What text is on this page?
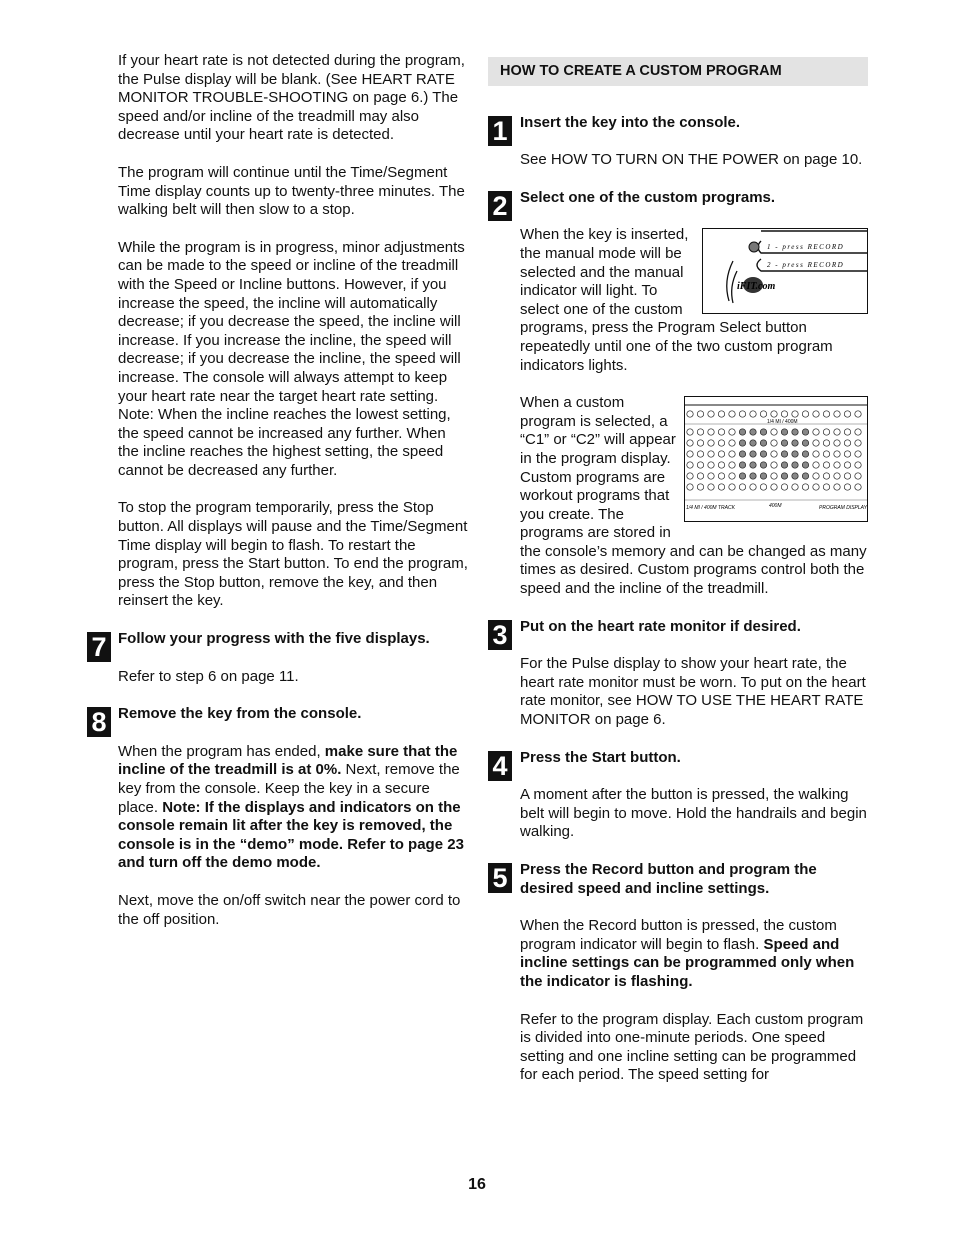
If your heart rate is not detected during the program, the Pulse display will be blank. (See HEART RATE MONITOR TROUBLE-SHOOTING on page 6.) The speed and/or incline of the treadmill may also decrease until your heart rate is detected.

The program will continue until the Time/Segment Time display counts up to twenty-three minutes. The walking belt will then slow to a stop.

While the program is in progress, minor adjustments can be made to the speed or incline of the treadmill with the Speed or Incline buttons. However, if you increase the speed, the incline will automatically decrease; if you decrease the speed, the incline will increase. If you increase the incline, the speed will decrease; if you decrease the incline, the speed will increase. The console will always attempt to keep your heart rate near the target heart rate setting. Note: When the incline reaches the lowest setting, the speed cannot be increased any further. When the incline reaches the highest setting, the speed cannot be decreased any further.

To stop the program temporarily, press the Stop button. All displays will pause and the Time/Segment Time display will begin to flash. To restart the program, press the Start button. To end the program, press the Stop button, remove the key, and then reinsert the key.

7 Follow your progress with the five displays.

Refer to step 6 on page 11.

8 Remove the key from the console.

When the program has ended, make sure that the incline of the treadmill is at 0%. Next, remove the key from the console. Keep the key in a secure place. Note: If the displays and indicators on the console remain lit after the key is removed, the console is in the “demo” mode. Refer to page 23 and turn off the demo mode.

Next, move the on/off switch near the power cord to the off position.

HOW TO CREATE A CUSTOM PROGRAM
1 Insert the key into the console.

See HOW TO TURN ON THE POWER on page 10.

2 Select one of the custom programs.
1 - press RECORD
2 - press RECORD
iFIT.com

When the key is inserted, the manual mode will be selected and the manual indicator will light. To select one of the custom programs, press the Program Select button repeatedly until one of the two custom program indicators lights.

1/4 MI / 400M
1/4 MI / 400M TRACK	400M	PROGRAM DISPLAY

When a custom program is selected, a “C1” or “C2” will appear in the program display. Custom programs are workout programs that you create. The programs are stored in the console’s memory and can be changed as many times as desired. Custom programs control both the speed and the incline of the treadmill.

3 Put on the heart rate monitor if desired.

For the Pulse display to show your heart rate, the heart rate monitor must be worn. To put on the heart rate monitor, see HOW TO USE THE HEART RATE MONITOR on page 6.

4 Press the Start button.

A moment after the button is pressed, the walking belt will begin to move. Hold the handrails and begin walking.

5 Press the Record button and program the desired speed and incline settings.

When the Record button is pressed, the custom program indicator will begin to flash. Speed and incline settings can be programmed only when the indicator is flashing.

Refer to the program display. Each custom program is divided into one-minute periods. One speed setting and one incline setting can be programmed for each period. The speed setting for

16
